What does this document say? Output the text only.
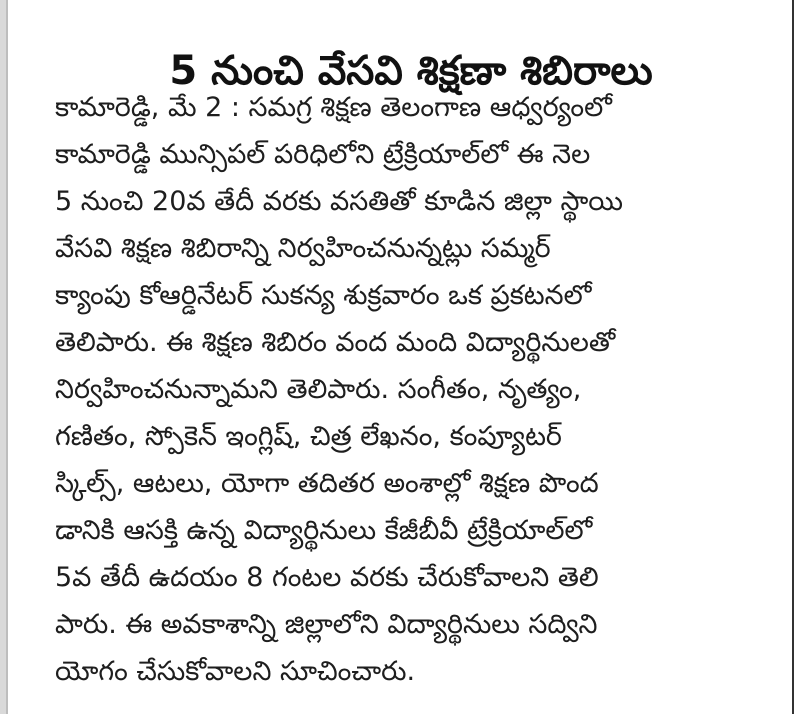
5 నుంచి వేసవి శిక్షణా శిబిరాలు
కామారెడ్డి, మే 2 : సమగ్ర శిక్షణ తెలంగాణ ఆధ్వర్యంలో
కామారెడ్డి మున్సిపల్ పరిధిలోని ట్రేక్రియాల్‌లో ఈ నెల
5 నుంచి 20వ తేదీ వరకు వసతితో కూడిన జిల్లా స్థాయి
వేసవి శిక్షణ శిబిరాన్ని నిర్వహించనున్నట్లు సమ్మర్
క్యాంపు కోఆర్డినేటర్ సుకన్య శుక్రవారం ఒక ప్రకటనలో
తెలిపారు. ఈ శిక్షణ శిబిరం వంద మంది విద్యార్థినులతో
నిర్వహించనున్నామని తెలిపారు. సంగీతం, నృత్యం,
గణితం, స్పోకెన్ ఇంగ్లిష్, చిత్ర లేఖనం, కంప్యూటర్
స్కిల్స్, ఆటలు, యోగా తదితర అంశాల్లో శిక్షణ పొంద
డానికి ఆసక్తి ఉన్న విద్యార్థినులు కేజీబీవీ ట్రేక్రియాల్‌లో
5వ తేదీ ఉదయం 8 గంటల వరకు చేరుకోవాలని తెలి
పారు. ఈ అవకాశాన్ని జిల్లాలోని విద్యార్థినులు సద్విని
యోగం చేసుకోవాలని సూచించారు.
